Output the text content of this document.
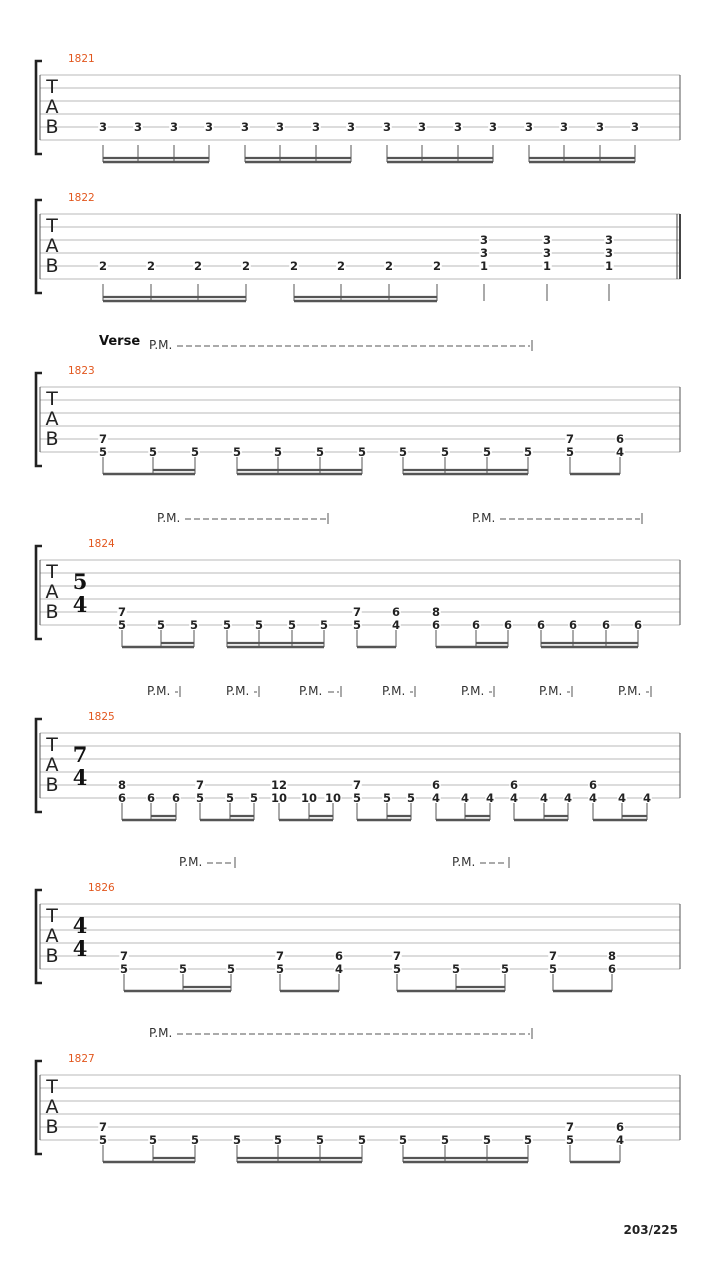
203/225
T
A
B
1821
3 3 3 3 3 3 3 3 3 3 3 3 3 3 3 3
T
A
B
1822
2	2	2	2	2	2	2	2
3
3
1
3
3
1
3
3
1
T
A
B
1823
Verse P.M.
7
5	5	5	5	5	5	5	5	5	5	5
7
5
6
4
T
A
B
1824
5
4
P.M.	P.M.
7
5	5 5 5 5 5 5
7
5
6
4
8
6	6 6 6 6 6 6
T
A
B
1825
7
4
P.M.	P.M.	P.M.	P.M.	P.M.	P.M.	P.M.
8
6 6 6
7
5 5 5
12
10 10 10
7
5 5 5
6
4 4 4
6
4 4 4
6
4 4 4
T
A
B
1826
4
4
P.M.	P.M.
7
5	5	5
7
5
6
4
7
5	5	5
7
5
8
6
T
A
B
1827
P.M.
7
5	5	5	5	5	5	5	5	5	5	5
7
5
6
4
